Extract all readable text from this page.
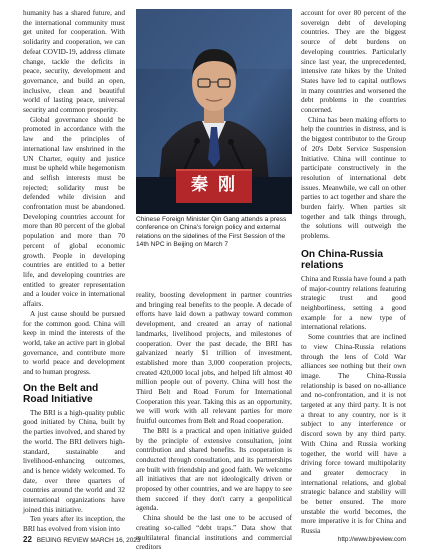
humanity has a shared future, and the international community must get united for cooperation. With solidarity and cooperation, we can defeat COVID-19, address climate change, tackle the deficits in peace, security, development and governance, and build an open, inclusive, clean and beautiful world of lasting peace, universal security and common prosperity.

Global governance should be promoted in accordance with the law and the principles of international law enshrined in the UN Charter, equity and justice must be upheld while hegemonism and selfish interests must be rejected; solidarity must be defended while division and confrontation must be abandoned. Developing countries account for more than 80 percent of the global population and more than 70 percent of global economic growth. People in developing countries are entitled to a better life, and developing countries are entitled to greater representation and a louder voice in international affairs.

A just cause should be pursued for the common good. China will keep in mind the interests of the world, take an active part in global governance, and contribute more to world peace and development and to human progress.

On the Belt and Road Initiative

The BRI is a high-quality public good initiated by China, built by the parties involved, and shared by the world. The BRI delivers high-standard, sustainable and livelihood-enhancing outcomes, and is hence widely welcomed. To date, over three quarters of countries around the world and 32 international organizations have joined this initiative.

Ten years after its inception, the BRI has evolved from vision into

秦 刚
Chinese Foreign Minister Qin Gang attends a press conference on China's foreign policy and external relations on the sidelines of the First Session of the 14th NPC in Beijing on March 7

reality, boosting development in partner countries and bringing real benefits to the people. A decade of efforts have laid down a pathway toward common development, and created an array of national landmarks, livelihood projects, and milestones of cooperation. Over the past decade, the BRI has galvanized nearly $1 trillion of investment, established more than 3,000 cooperation projects, created 420,000 local jobs, and helped lift almost 40 million people out of poverty. China will host the Third Belt and Road Forum for International Cooperation this year. Taking this as an opportunity, we will work with all relevant parties for more fruitful outcomes from Belt and Road cooperation.

The BRI is a practical and open initiative guided by the principle of extensive consultation, joint contribution and shared benefits. Its cooperation is conducted through consultation, and its partnerships are built with friendship and good faith. We welcome all initiatives that are not ideologically driven or proposed by other countries, and we are happy to see them succeed if they don't carry a geopolitical agenda.

China should be the last one to be accused of creating so-called “debt traps.” Data show that multilateral financial institutions and commercial creditors

account for over 80 percent of the sovereign debt of developing countries. They are the biggest source of debt burdens on developing countries. Particularly since last year, the unprecedented, intensive rate hikes by the United States have led to capital outflows in many countries and worsened the debt problems in the countries concerned.

China has been making efforts to help the countries in distress, and is the biggest contributor to the Group of 20's Debt Service Suspension Initiative. China will continue to participate constructively in the resolution of international debt issues. Meanwhile, we call on other parties to act together and share the burden fairly. When parties sit together and talk things through, the solutions will outweigh the problems.

On China-Russia relations

China and Russia have found a path of major-country relations featuring strategic trust and good neighborliness, setting a good example for a new type of international relations.

Some countries that are inclined to view China-Russia relations through the lens of Cold War alliances see nothing but their own image. The China-Russia relationship is based on no-alliance and no-confrontation, and it is not targeted at any third party. It is not a threat to any country, nor is it subject to any interference or discord sown by any third party. With China and Russia working together, the world will have a driving force toward multipolarity and greater democracy in international relations, and global strategic balance and stability will be better ensured. The more unstable the world becomes, the more imperative it is for China and Russia

22 BEIJING REVIEW MARCH 16, 2023	http://www.bjreview.com
